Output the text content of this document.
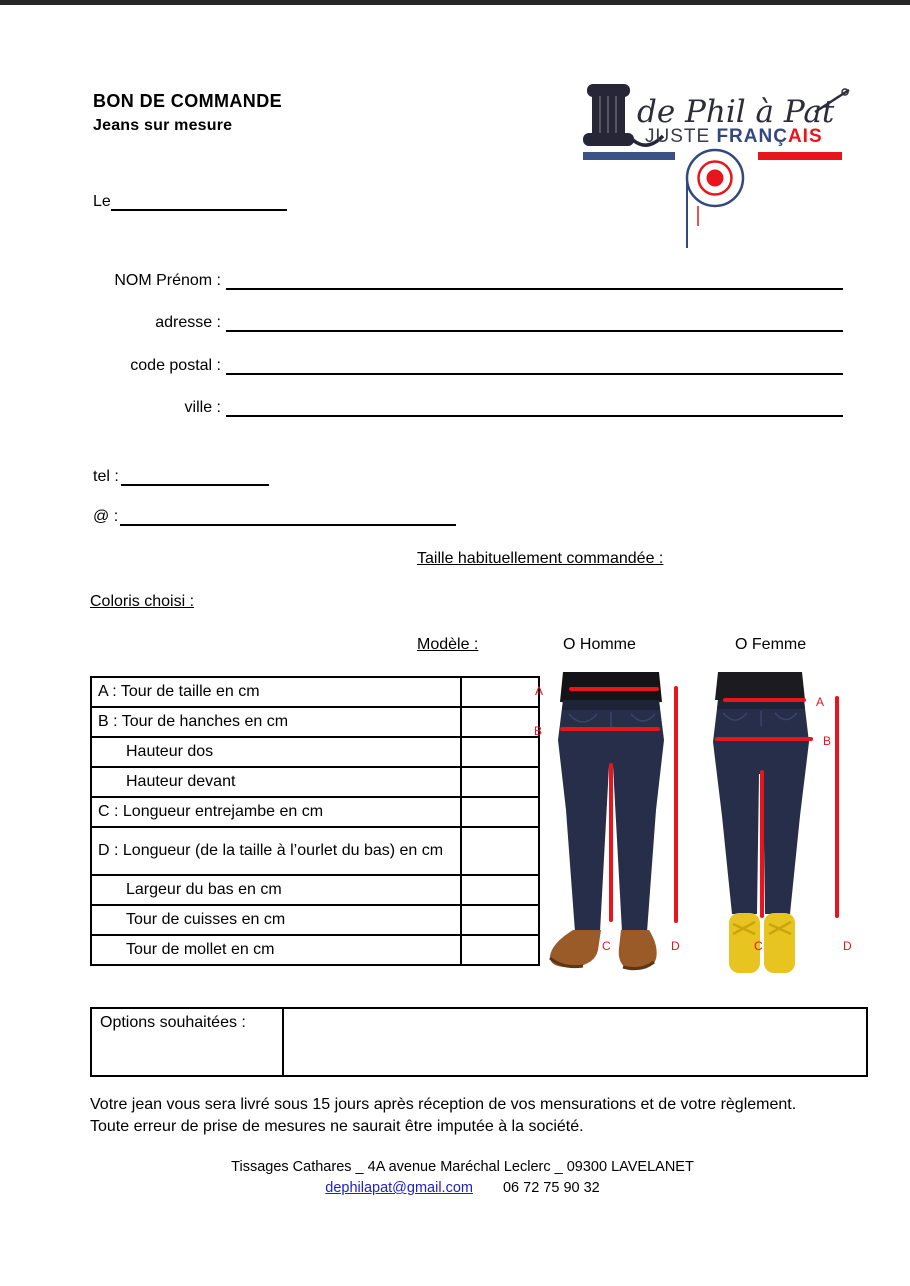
BON DE COMMANDE
Jeans sur mesure	de Phil à Pat
JUSTE FRANÇAIS
Le
NOM Prénom :
adresse :
code postal :
ville :
tel :
@ :
Taille habituellement commandée :
Coloris choisi :
Modèle :	O Homme	O Femme
A : Tour de taille en cm	
B : Tour de hanches en cm	
Hauteur dos	
Hauteur devant	
C : Longueur entrejambe en cm	
D : Longueur (de la taille à l’ourlet du bas) en cm	
Largeur du bas en cm	
Tour de cuisses en cm	
Tour de mollet en cm	
A
B
C	D
A
B
C	D
Options souhaitées :
Votre jean vous sera livré sous 15 jours après réception de vos mensurations et de votre règlement.
Toute erreur de prise de mesures ne saurait être imputée à la société.
Tissages Cathares _ 4A avenue Maréchal Leclerc _ 09300 LAVELANET
dephilapat@gmail.com 06 72 75 90 32
